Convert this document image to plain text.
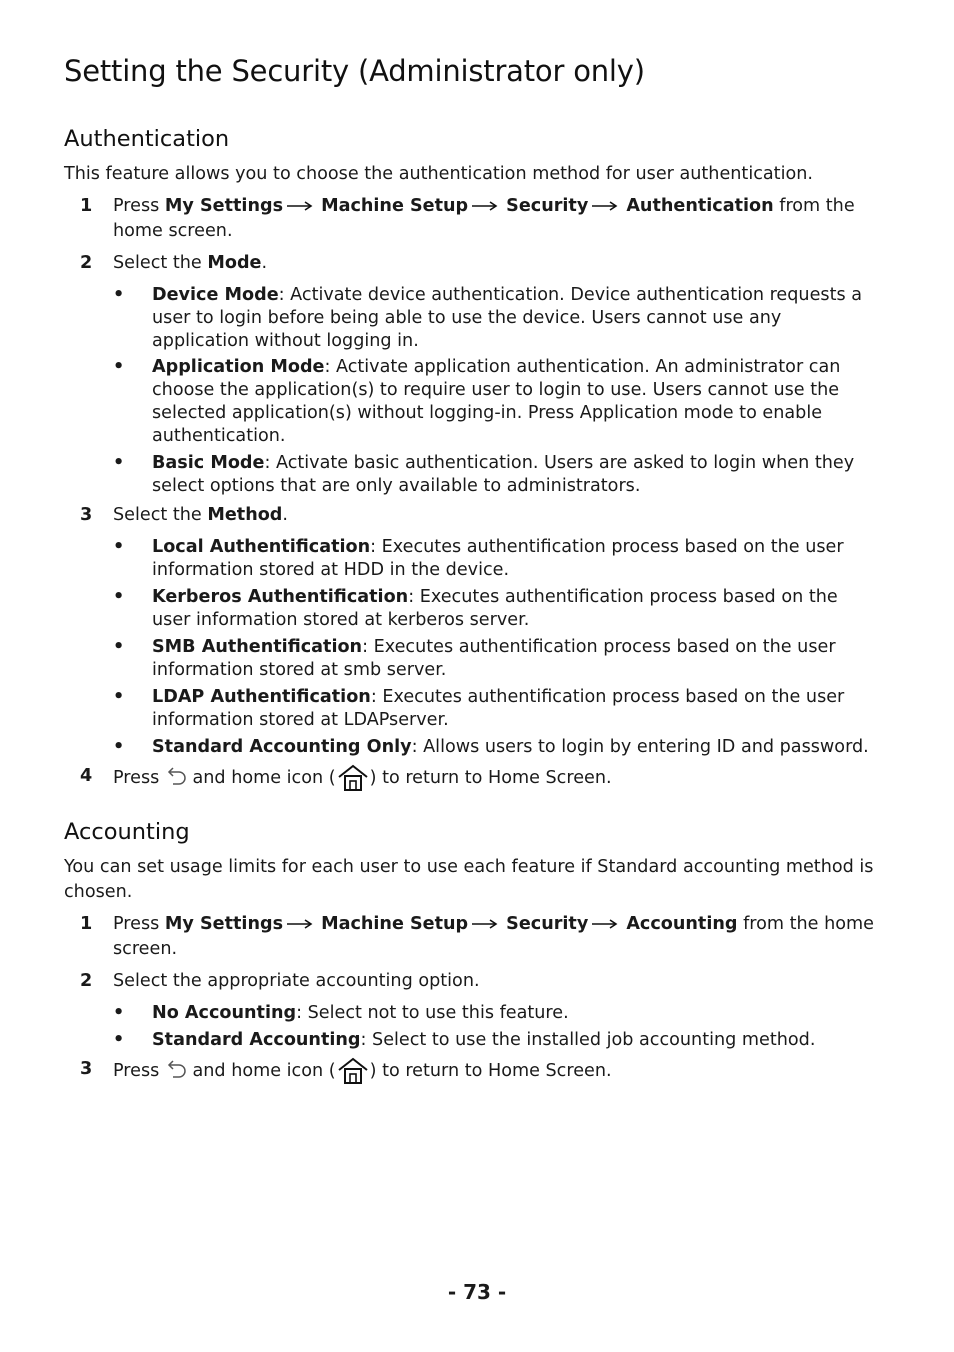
Setting the Security (Administrator only)
Authentication

This feature allows you to choose the authentication method for user authentication.

1 Press My Settings Machine Setup Security Authentication from the home screen.
2 Select the Mode.
• Device Mode: Activate device authentication. Device authentication requests a user to login before being able to use the device. Users cannot use any application without logging in.
• Application Mode: Activate application authentication. An administrator can choose the application(s) to require user to login to use. Users cannot use the selected application(s) without logging-in. Press Application mode to enable authentication.
• Basic Mode: Activate basic authentication. Users are asked to login when they select options that are only available to administrators.
3 Select the Method.
• Local Authentification: Executes authentification process based on the user information stored at HDD in the device.
• Kerberos Authentification: Executes authentification process based on the user information stored at kerberos server.
• SMB Authentification: Executes authentification process based on the user information stored at smb server.
• LDAP Authentification: Executes authentification process based on the user information stored at LDAPserver.
• Standard Accounting Only: Allows users to login by entering ID and password.
4 Press and home icon ( ) to return to Home Screen.
Accounting

You can set usage limits for each user to use each feature if Standard accounting method is chosen.

1 Press My Settings Machine Setup Security Accounting from the home screen.
2 Select the appropriate accounting option.
• No Accounting: Select not to use this feature.
• Standard Accounting: Select to use the installed job accounting method.
3 Press and home icon ( ) to return to Home Screen.
- 73 -
